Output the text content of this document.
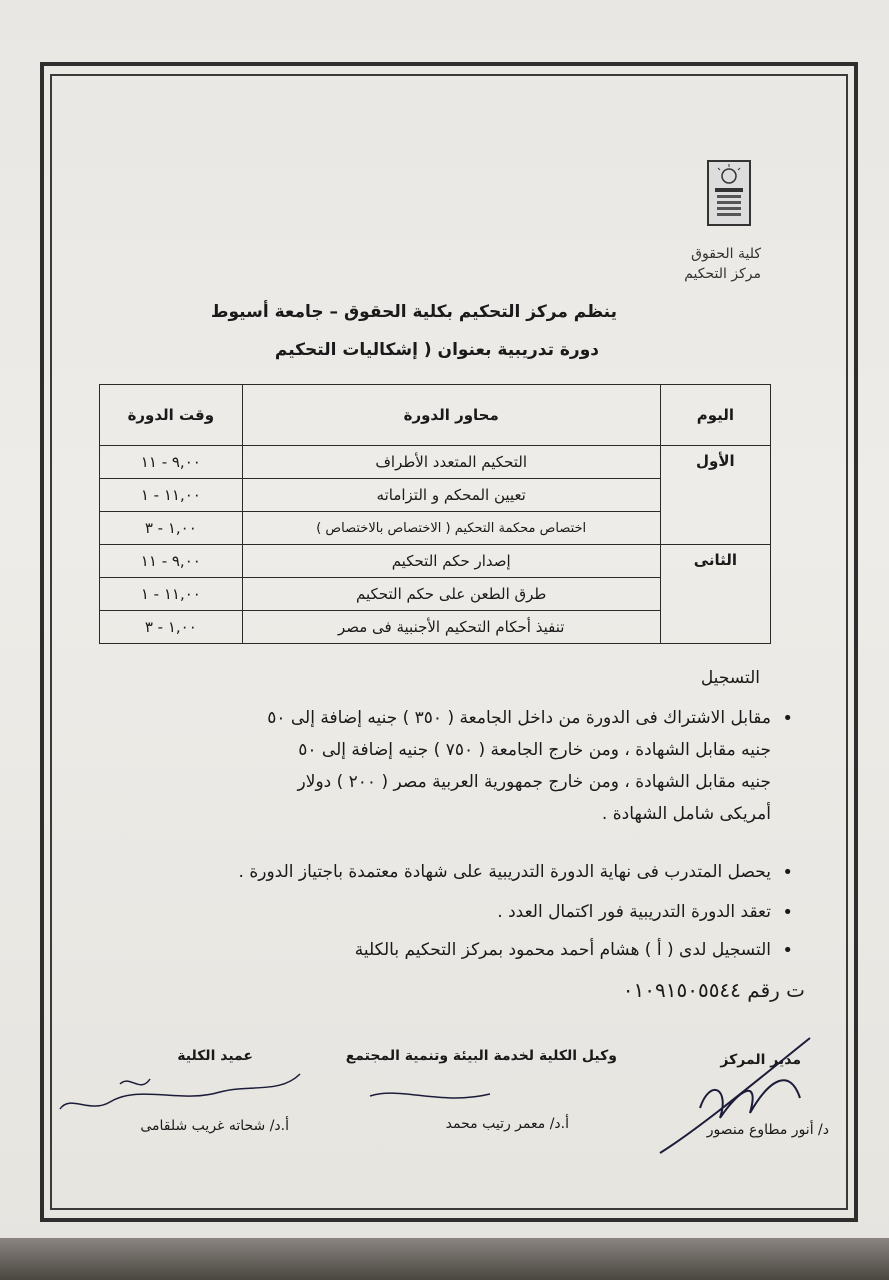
كلية الحقوق
مركز التحكيم
ينظم مركز التحكيم بكلية الحقوق – جامعة أسيوط
دورة تدريبية بعنوان ( إشكاليات التحكيم
اليوم	محاور الدورة	وقت الدورة
الأول	التحكيم المتعدد الأطراف	٩,٠٠ - ١١
	تعيين المحكم و التزاماته	١١,٠٠ - ١
	اختصاص محكمة التحكيم ( الاختصاص بالاختصاص )	١,٠٠ - ٣
الثانى	إصدار حكم التحكيم	٩,٠٠ - ١١
	طرق الطعن على حكم التحكيم	١١,٠٠ - ١
	تنفيذ أحكام التحكيم الأجنبية فى مصر	١,٠٠ - ٣
التسجيل
• مقابل الاشتراك فى الدورة من داخل الجامعة ( ٣٥٠ ) جنيه إضافة إلى ٥٠
جنيه مقابل الشهادة ، ومن خارج الجامعة ( ٧٥٠ ) جنيه إضافة إلى ٥٠
جنيه مقابل الشهادة ، ومن خارج جمهورية العربية مصر ( ٢٠٠ ) دولار
أمريكى شامل الشهادة .
• يحصل المتدرب فى نهاية الدورة التدريبية على شهادة معتمدة باجتياز الدورة .
• تعقد الدورة التدريبية فور اكتمال العدد .
• التسجيل لدى ( أ ) هشام أحمد محمود بمركز التحكيم بالكلية
ت رقم ٠١٠٩١٥٠٥٥٤٤
مدير المركز
وكيل الكلية لخدمة البيئة وتنمية المجتمع
عميد الكلية
د/ أنور مطاوع منصور
أ.د/ معمر رتيب محمد
أ.د/ شحاته غريب شلقامى
